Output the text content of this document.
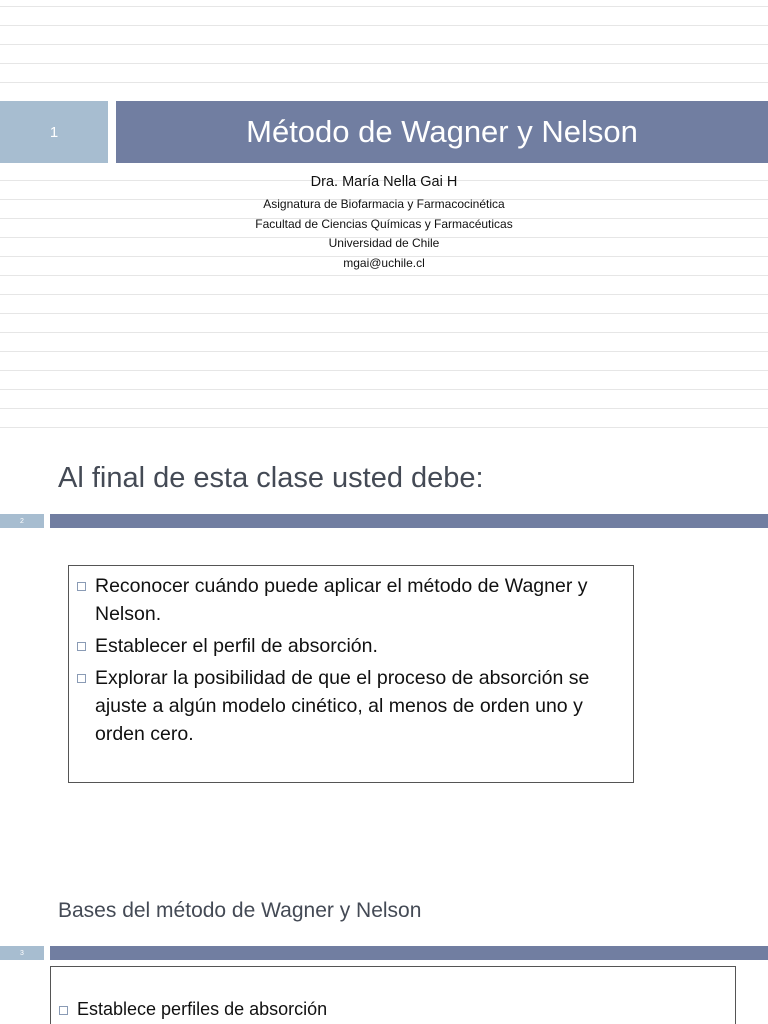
1	Método de Wagner y Nelson
Dra. María Nella Gai H
Asignatura de Biofarmacia y Farmacocinética
Facultad de Ciencias Químicas y Farmacéuticas
Universidad de Chile
mgai@uchile.cl
Al final de esta clase usted debe:
2
Reconocer cuándo puede aplicar el método de Wagner y Nelson.
Establecer el perfil de absorción.
Explorar la posibilidad de que el proceso de absorción se ajuste a algún modelo cinético, al menos de orden uno y orden cero.
Bases del método de Wagner y Nelson
3
Establece perfiles de absorción
